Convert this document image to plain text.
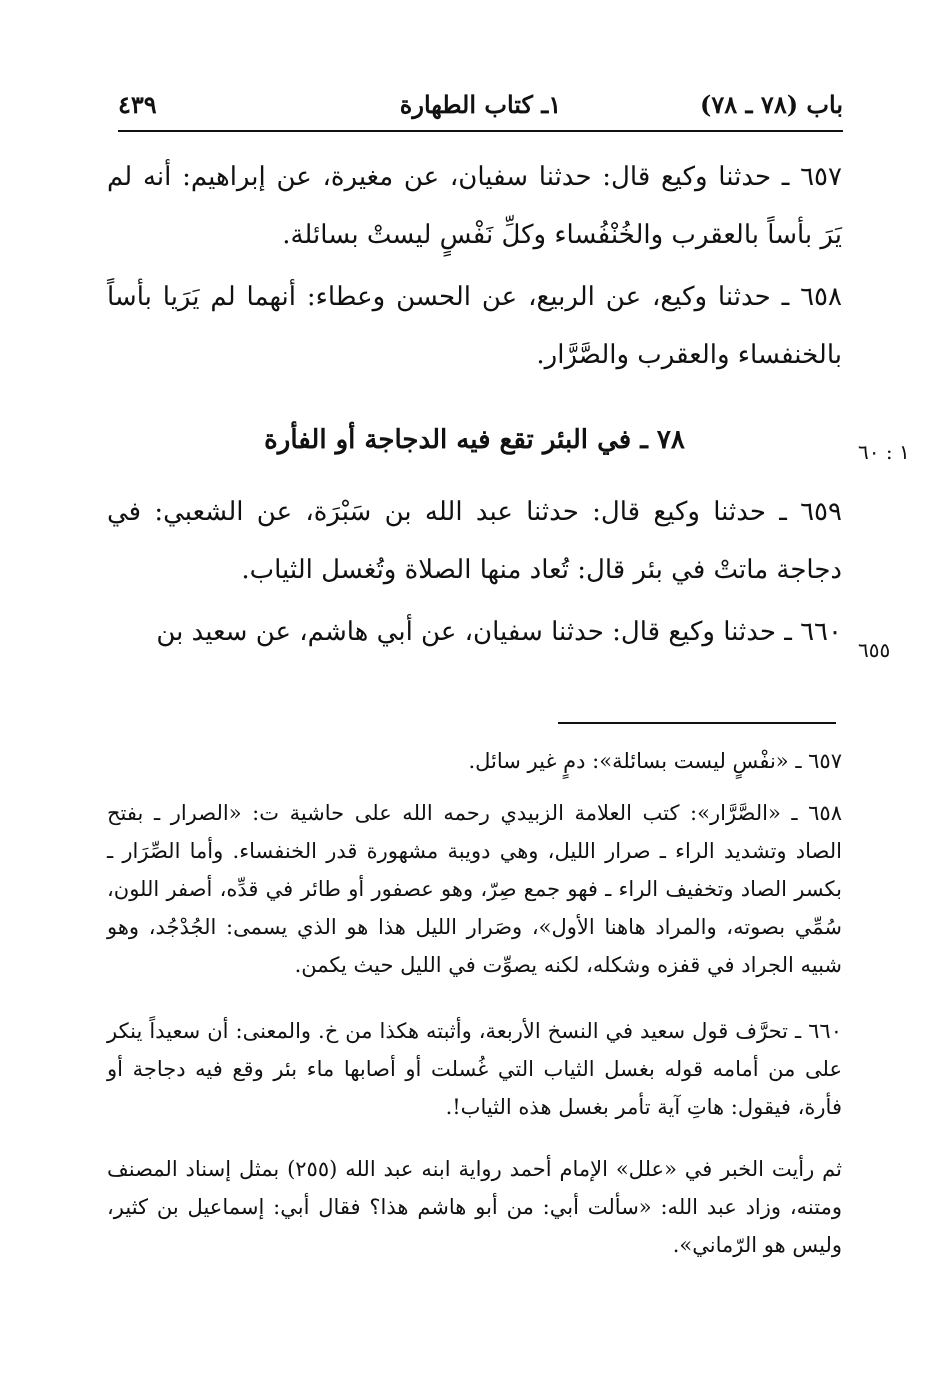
باب (٧٨ ـ ٧٨)
١ـ كتاب الطهارة
٤٣٩

٦٥٧ ـ حدثنا وكيع قال: حدثنا سفيان، عن مغيرة، عن إبراهيم: أنه لم يَرَ بأساً بالعقرب والخُنْفُساء وكلِّ نَفْسٍ ليستْ بسائلة.

٦٥٨ ـ حدثنا وكيع، عن الربيع، عن الحسن وعطاء: أنهما لم يَرَيا بأساً بالخنفساء والعقرب والصَّرَّار.

٧٨ ـ في البئر تقع فيه الدجاجة أو الفأرة	١ : ٦٠

٦٥٩ ـ حدثنا وكيع قال: حدثنا عبد الله بن سَبْرَة، عن الشعبي: في دجاجة ماتتْ في بئر قال: تُعاد منها الصلاة وتُغسل الثياب.

٦٦٠ ـ حدثنا وكيع قال: حدثنا سفيان، عن أبي هاشم، عن سعيد بن

٦٥٥

٦٥٧ ـ «نفْسٍ ليست بسائلة»: دمٍ غير سائل.

٦٥٨ ـ «الصَّرَّار»: كتب العلامة الزبيدي رحمه الله على حاشية ت: «الصرار ـ بفتح الصاد وتشديد الراء ـ صرار الليل، وهي دويبة مشهورة قدر الخنفساء. وأما الصِّرَار ـ بكسر الصاد وتخفيف الراء ـ فهو جمع صِرّ، وهو عصفور أو طائر في قدِّه، أصفر اللون، سُمِّي بصوته، والمراد هاهنا الأول»، وصَرار الليل هذا هو الذي يسمى: الجُدْجُد، وهو شبيه الجراد في قفزه وشكله، لكنه يصوِّت في الليل حيث يكمن.

٦٦٠ ـ تحرَّف قول سعيد في النسخ الأربعة، وأثبته هكذا من خ. والمعنى: أن سعيداً ينكر على من أمامه قوله بغسل الثياب التي غُسلت أو أصابها ماء بئر وقع فيه دجاجة أو فأرة، فيقول: هاتِ آية تأمر بغسل هذه الثياب!.

ثم رأيت الخبر في «علل» الإمام أحمد رواية ابنه عبد الله (٢٥٥) بمثل إسناد المصنف ومتنه، وزاد عبد الله: «سألت أبي: من أبو هاشم هذا؟ فقال أبي: إسماعيل بن كثير، وليس هو الرّماني».
